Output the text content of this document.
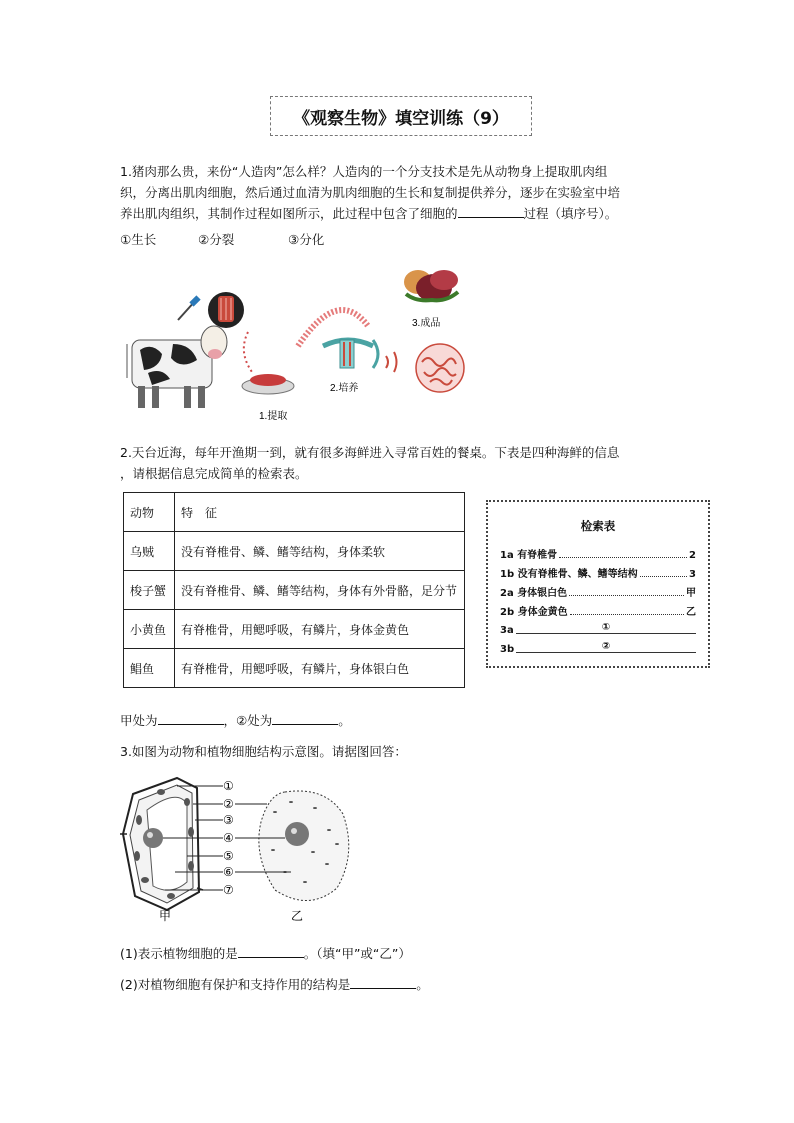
《观察生物》填空训练（9）
1.猪肉那么贵，来份“人造肉”怎么样？人造肉的一个分支技术是先从动物身上提取肌肉组
织，分离出肌肉细胞，然后通过血清为肌肉细胞的生长和复制提供养分，逐步在实验室中培
养出肌肉组织，其制作过程如图所示，此过程中包含了细胞的	过程（填序号）。
①生长	②分裂	③分化
1.提取
2.培养
3.成品
2.天台近海，每年开渔期一到，就有很多海鲜进入寻常百姓的餐桌。下表是四种海鲜的信息
，请根据信息完成简单的检索表。
动物	特　征
乌贼	没有脊椎骨、鳞、鳍等结构，身体柔软
梭子蟹	没有脊椎骨、鳞、鳍等结构，身体有外骨骼，足分节
小黄鱼	有脊椎骨，用鳃呼吸，有鳞片，身体金黄色
鲳鱼	有脊椎骨，用鳃呼吸，有鳞片，身体银白色
检索表
1a 有脊椎骨	2
1b 没有脊椎骨、鳞、鳍等结构	3
2a 身体银白色	甲
2b 身体金黄色	乙
3a	①
3b	②
甲处为	，②处为	。
3.如图为动物和植物细胞结构示意图。请据图回答：
①
②
③
④
⑤
⑥
⑦
甲	乙
(1)表示植物细胞的是	。（填“甲”或“乙”）
(2)对植物细胞有保护和支持作用的结构是	。
